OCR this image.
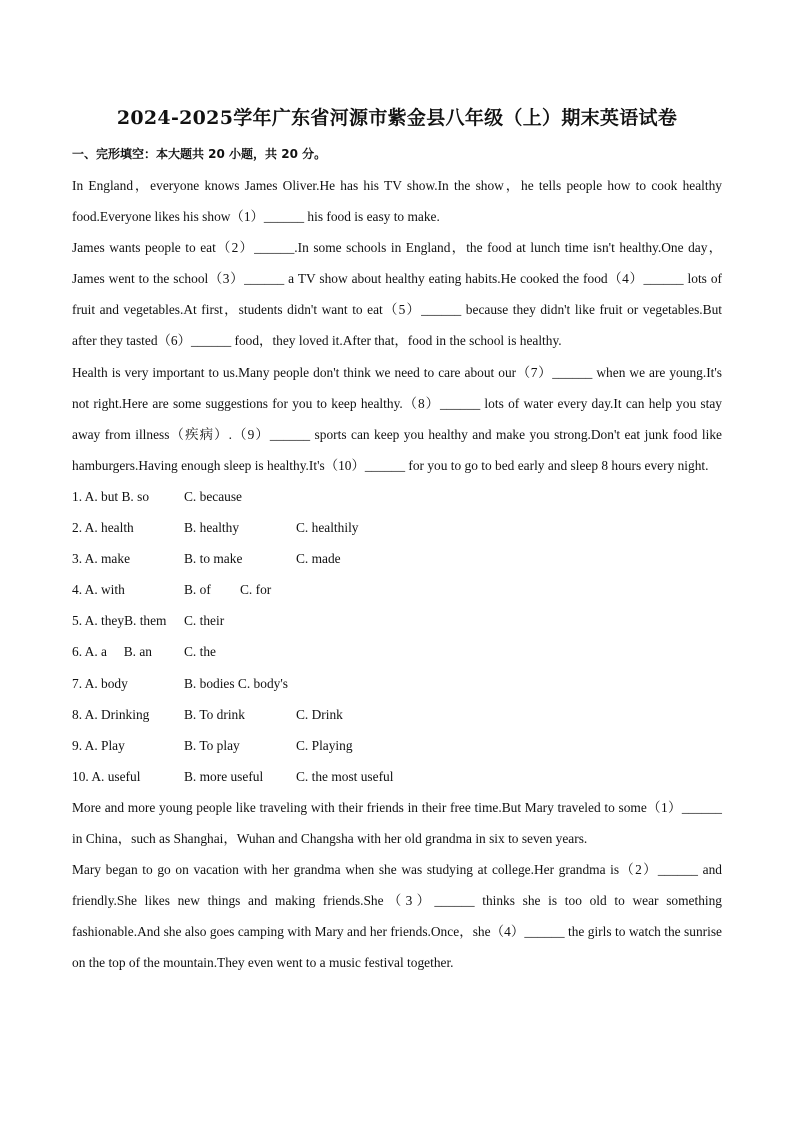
2024-2025学年广东省河源市紫金县八年级（上）期末英语试卷
一、完形填空：本大题共 20 小题，共 20 分。

In England，everyone knows James Oliver.He has his TV show.In the show，he tells people how to cook healthy food.Everyone likes his show（1）______ his food is easy to make.

James wants people to eat（2）______.In some schools in England，the food at lunch time isn't healthy.One day，James went to the school（3）______ a TV show about healthy eating habits.He cooked the food（4）______ lots of fruit and vegetables.At first，students didn't want to eat（5）______ because they didn't like fruit or vegetables.But after they tasted（6）______ food，they loved it.After that，food in the school is healthy.

Health is very important to us.Many people don't think we need to care about our（7）______ when we are young.It's not right.Here are some suggestions for you to keep healthy.（8）______ lots of water every day.It can help you stay away from illness（疾病）.（9）______ sports can keep you healthy and make you strong.Don't eat junk food like hamburgers.Having enough sleep is healthy.It's（10）______ for you to go to bed early and sleep 8 hours every night.

1. A. but B. so	C. because
2. A. health	B. healthy	C. healthily
3. A. make	B. to make	C. made
4. A. with	B. of C. for
5. A. theyB. them C. their
6. A. a     B. an C. the
7. A. body	B. bodies C. body's
8. A. Drinking	B. To drink	C. Drink
9. A. Play	B. To play	C. Playing
10. A. useful	B. more useful C. the most useful

More and more young people like traveling with their friends in their free time.But Mary traveled to some（1）______ in China，such as Shanghai，Wuhan and Changsha with her old grandma in six to seven years.

Mary began to go on vacation with her grandma when she was studying at college.Her grandma is（2）______ and friendly.She likes new things and making friends.She（3）______ thinks she is too old to wear something fashionable.And she also goes camping with Mary and her friends.Once，she（4）______ the girls to watch the sunrise on the top of the mountain.They even went to a music festival together.
